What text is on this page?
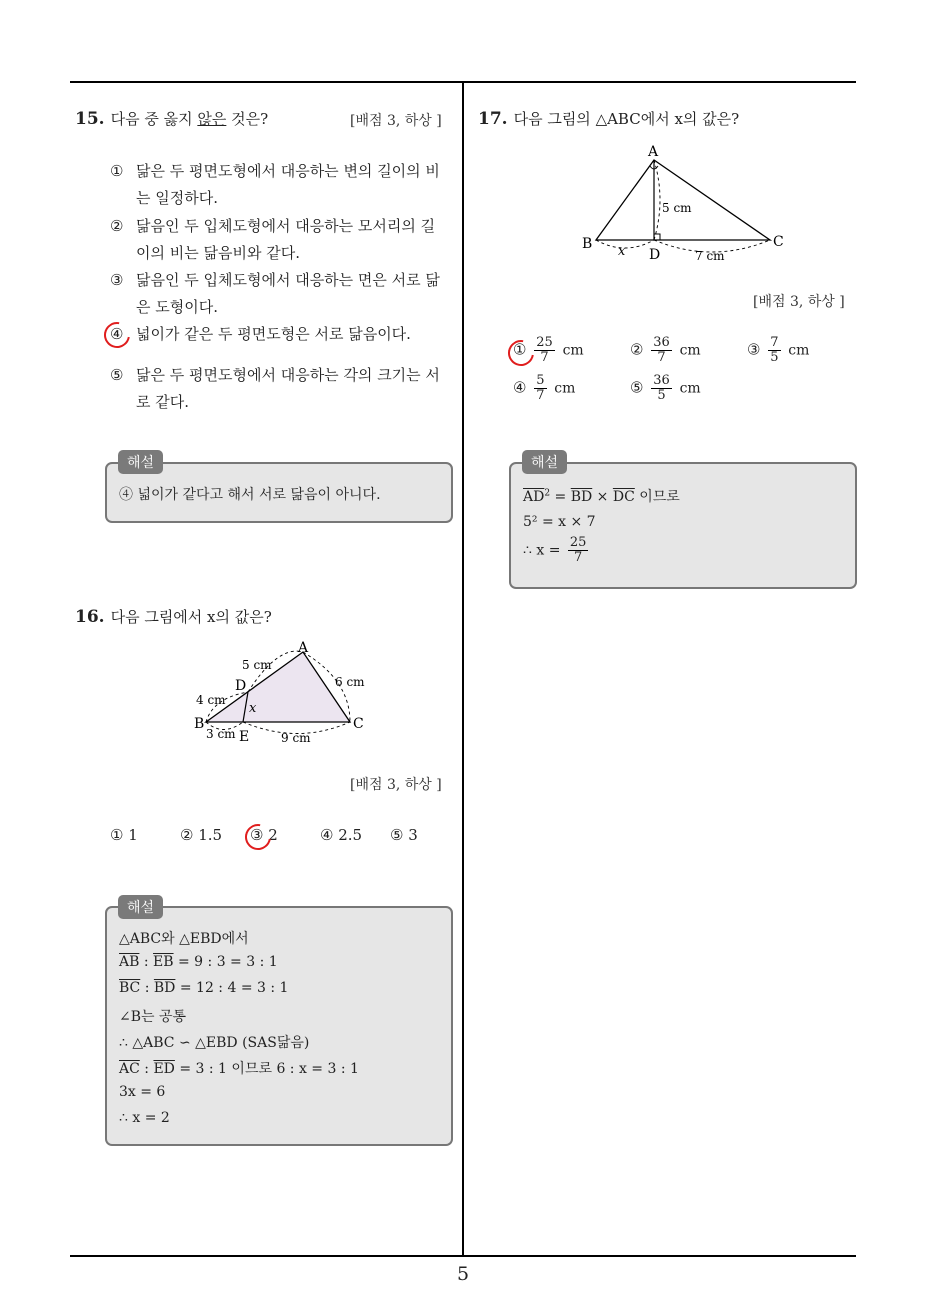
15. 다음 중 옳지 않은 것은?	[배점 3, 하상 ]
① 닮은 두 평면도형에서 대응하는 변의 길이의 비는 일정하다.
② 닮음인 두 입체도형에서 대응하는 모서리의 길이의 비는 닮음비와 같다.
③ 닮음인 두 입체도형에서 대응하는 면은 서로 닮은 도형이다.
④ 넓이가 같은 두 평면도형은 서로 닮음이다.
⑤ 닮은 두 평면도형에서 대응하는 각의 크기는 서로 같다.
④ 넓이가 같다고 해서 서로 닮음이 아니다.
해설
16. 다음 그림에서 x의 값은?
A
B	C
D
E
x
5 cm
6 cm
4 cm
3 cm	9 cm
[배점 3, 하상 ]
① 1	② 1.5 ③ 2	④ 2.5 ⑤ 3
△ABC와 △EBD에서
$\overline{AB}$ : $\overline{EB} = 9$ : 3 = 3 : 1
$\overline{BC}$ : $\overline{BD} = 12$ : 4 = 3 : 1
∠B는 공통
∴ △ABC ∽ △EBD (SAS닮음)
$\overline{AC}$ : $\overline{ED} = 3$ : 1 이므로 6 : x = 3 : 1
3x = 6
∴ x = 2
해설
17. 다음 그림의 △ABC에서 x의 값은?
A
B	C
D
x
5 cm
7 cm
[배점 3, 하상 ]
① $\frac{25}{7}$ cm	② $\frac{36}{7}$ cm	③ $\frac{7}{5}$ cm
④ $\frac{5}{7}$ cm	⑤ $\frac{36}{5}$ cm
$\overline{AD}^2 = \overline{BD} \times \overline{DC}$ 이므로
5² = x × 7
∴ $x = \frac{25}{7}$
해설
5
